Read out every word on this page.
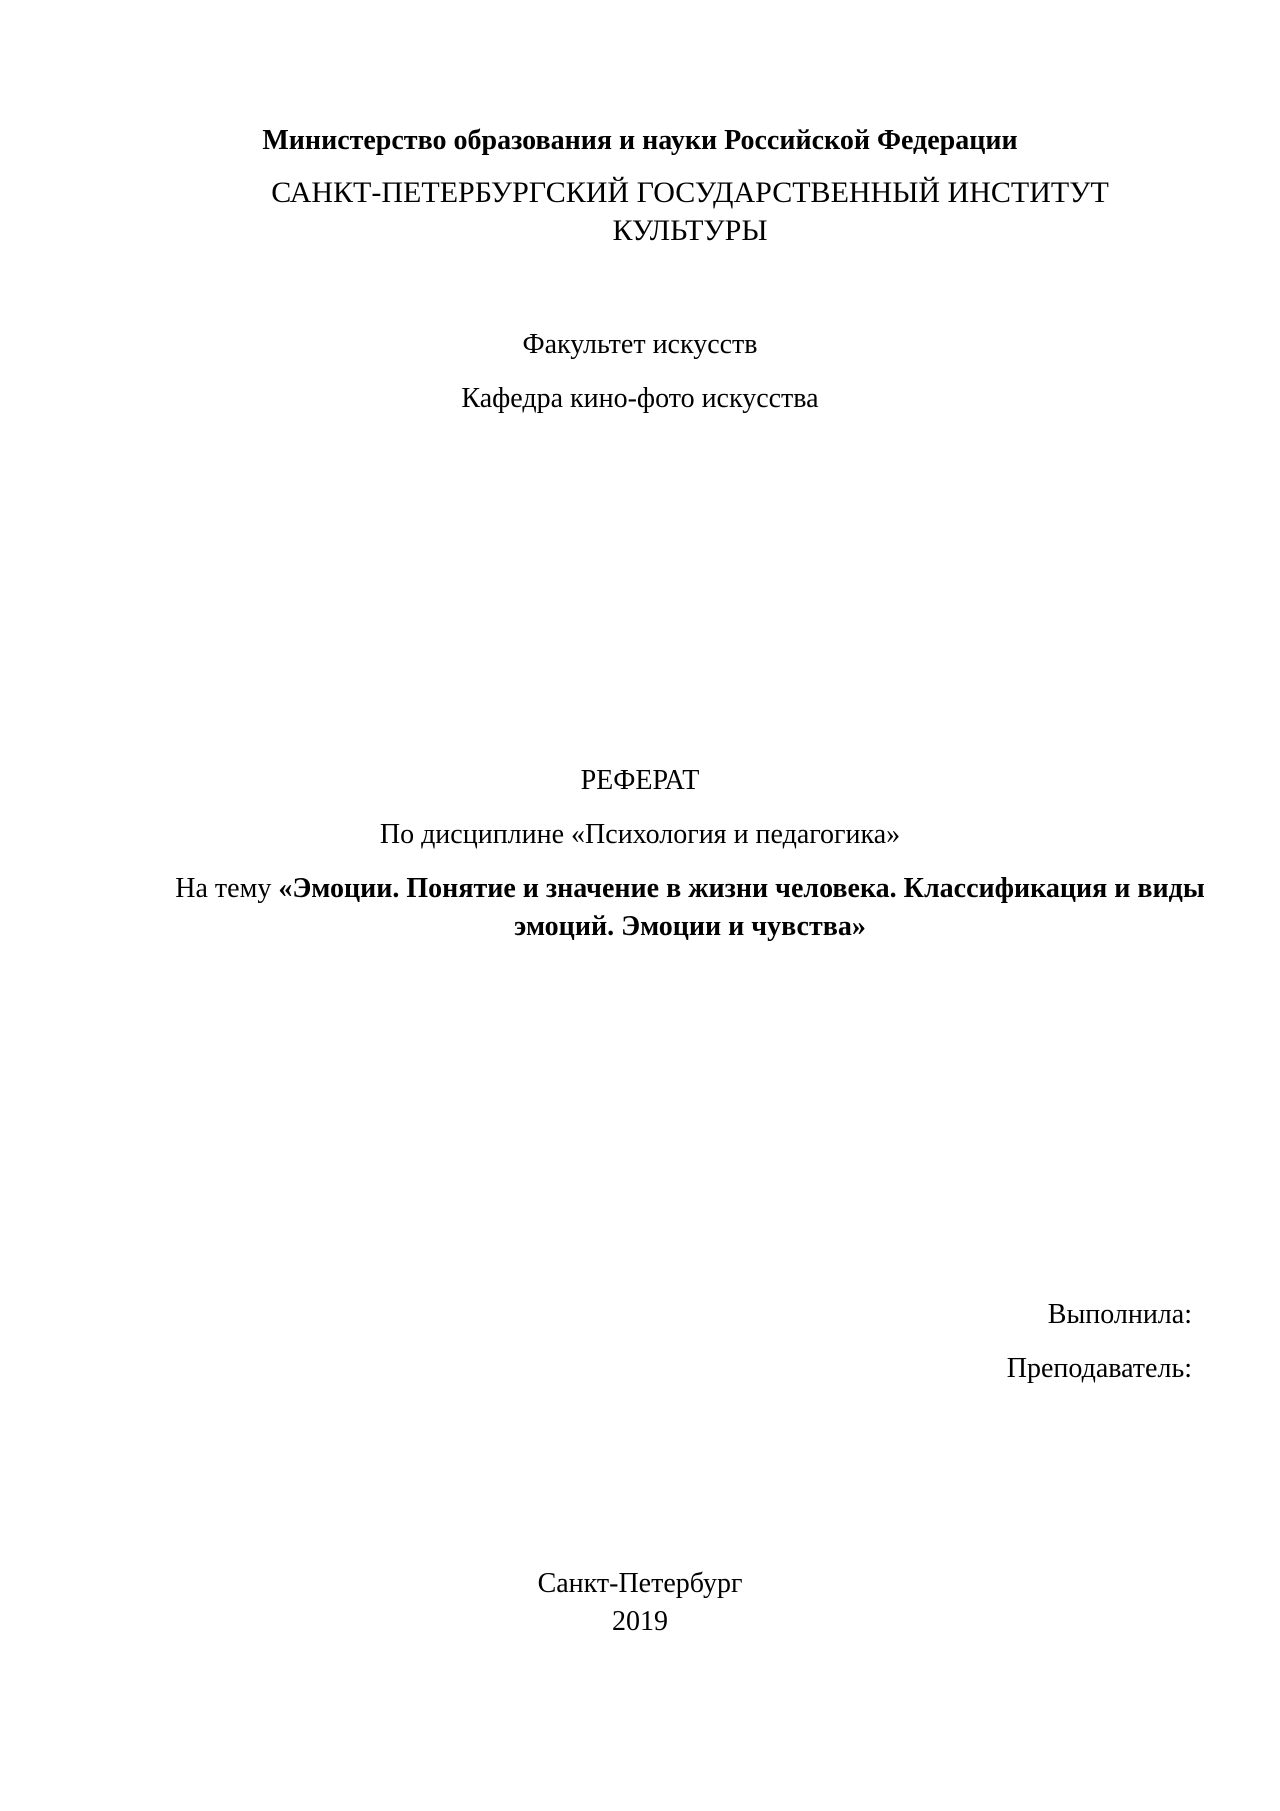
Министерство образования и науки Российской Федерации
САНКТ-ПЕТЕРБУРГСКИЙ ГОСУДАРСТВЕННЫЙ ИНСТИТУТ КУЛЬТУРЫ
Факультет искусств
Кафедра кино-фото искусства
РЕФЕРАТ
По дисциплине «Психология и педагогика»
На тему «Эмоции. Понятие и значение в жизни человека. Классификация и виды эмоций. Эмоции и чувства»
Выполнила:
Преподаватель:
Санкт-Петербург
2019
